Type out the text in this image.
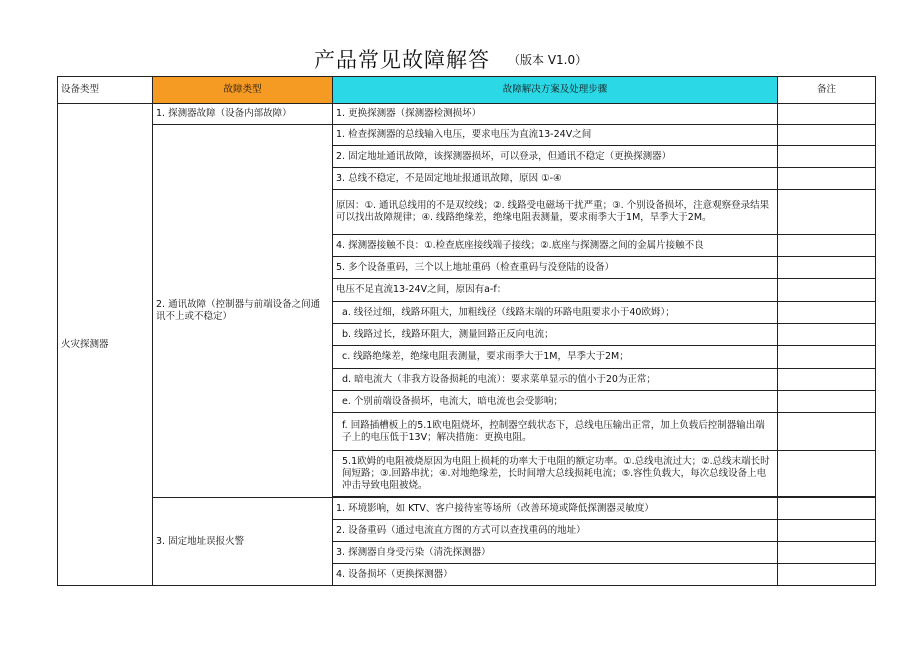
产品常见故障解答 （版本 V1.0）
设备类型	故障类型	故障解决方案及处理步骤	备注
火灾探测器	1. 探测器故障（设备内部故障）	1. 更换探测器（探测器检测损坏）	
	2. 通讯故障（控制器与前端设备之间通讯不上或不稳定）	1. 检查探测器的总线输入电压，要求电压为直流13-24V之间	
		2. 固定地址通讯故障，该探测器损坏，可以登录，但通讯不稳定（更换探测器）	
		3. 总线不稳定，不是固定地址报通讯故障，原因 ①-④	
		原因：①. 通讯总线用的不是双绞线；②. 线路受电磁场干扰严重；③. 个别设备损坏，注意观察登录结果可以找出故障规律；④. 线路绝缘差，绝缘电阻表测量，要求雨季大于1M，旱季大于2M。	
		4. 探测器接触不良：①.检查底座接线端子接线；②.底座与探测器之间的金属片接触不良	
		5. 多个设备重码，三个以上地址重码（检查重码与没登陆的设备）	
		电压不足直流13-24V之间，原因有a-f：	
		a. 线径过细，线路环阻大，加粗线径（线路末端的环路电阻要求小于40欧姆）；	
		b. 线路过长，线路环阻大，测量回路正反向电流；	
		c. 线路绝缘差，绝缘电阻表测量，要求雨季大于1M，旱季大于2M；	
		d. 暗电流大（非我方设备损耗的电流）：要求菜单显示的值小于20为正常；	
		e. 个别前端设备损坏，电流大，暗电流也会受影响；	
		f. 回路插槽板上的5.1欧电阻烧坏，控制器空载状态下，总线电压输出正常，加上负载后控制器输出端子上的电压低于13V；解决措施：更换电阻。	
		5.1欧姆的电阻被烧原因为电阻上损耗的功率大于电阻的额定功率。①.总线电流过大；②.总线末端长时间短路；③.回路串扰；④.对地绝缘差，长时间增大总线损耗电流；⑤.容性负载大，每次总线设备上电冲击导致电阻被烧。	

	3. 固定地址误报火警	1. 环境影响，如 KTV、客户接待室等场所（改善环境或降低探测器灵敏度）	
		2. 设备重码（通过电流直方图的方式可以查找重码的地址）	
		3. 探测器自身受污染（清洗探测器）	
		4. 设备损坏（更换探测器）	
